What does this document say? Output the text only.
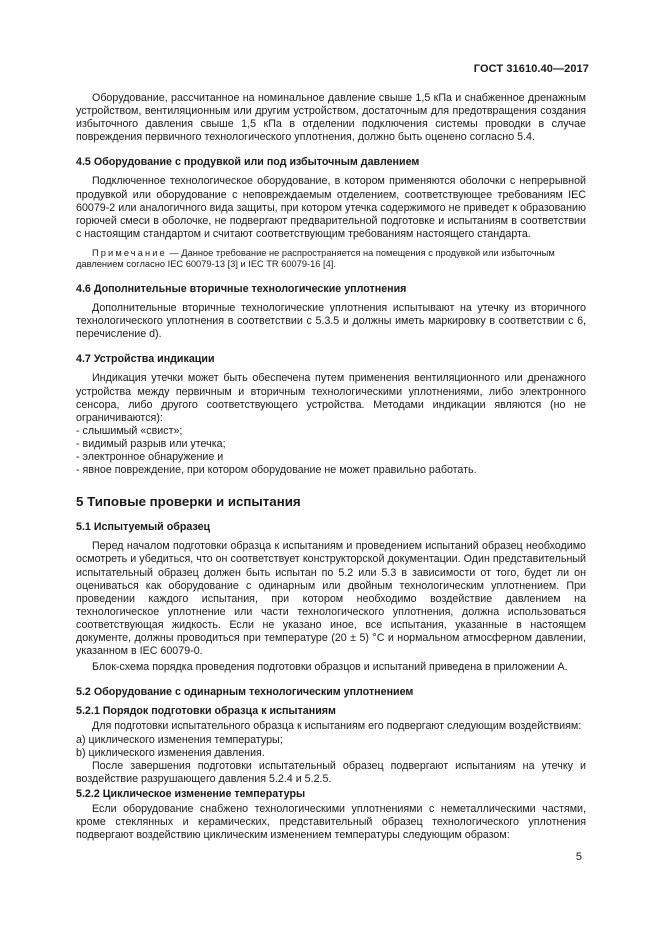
ГОСТ 31610.40—2017

Оборудование, рассчитанное на номинальное давление свыше 1,5 кПа и снабженное дренажным устройством, вентиляционным или другим устройством, достаточным для предотвращения создания избыточного давления свыше 1,5 кПа в отделении подключения системы проводки в случае повреждения первичного технологического уплотнения, должно быть оценено согласно 5.4.

4.5 Оборудование с продувкой или под избыточным давлением

Подключенное технологическое оборудование, в котором применяются оболочки с непрерывной продувкой или оборудование с неповреждаемым отделением, соответствующее требованиям IEC 60079-2 или аналогичного вида защиты, при котором утечка содержимого не приведет к образованию горючей смеси в оболочке, не подвергают предварительной подготовке и испытаниям в соответствии с настоящим стандартом и считают соответствующим требованиям настоящего стандарта.

Примечание — Данное требование не распространяется на помещения с продувкой или избыточным давлением согласно IEC 60079-13 [3] и IEC TR 60079-16 [4].
4.6 Дополнительные вторичные технологические уплотнения

Дополнительные вторичные технологические уплотнения испытывают на утечку из вторичного технологического уплотнения в соответствии с 5.3.5 и должны иметь маркировку в соответствии с 6, перечисление d).

4.7 Устройства индикации

Индикация утечки может быть обеспечена путем применения вентиляционного или дренажного устройства между первичным и вторичным технологическими уплотнениями, либо электронного сенсора, либо другого соответствующего устройства. Методами индикации являются (но не ограничиваются):

- слышимый «свист»;
- видимый разрыв или утечка;
- электронное обнаружение и
- явное повреждение, при котором оборудование не может правильно работать.
5 Типовые проверки и испытания
5.1 Испытуемый образец

Перед началом подготовки образца к испытаниям и проведением испытаний образец необходимо осмотреть и убедиться, что он соответствует конструкторской документации. Один представительный испытательный образец должен быть испытан по 5.2 или 5.3 в зависимости от того, будет ли он оцениваться как оборудование с одинарным или двойным технологическим уплотнением. При проведении каждого испытания, при котором необходимо воздействие давлением на технологическое уплотнение или части технологического уплотнения, должна использоваться соответствующая жидкость. Если не указано иное, все испытания, указанные в настоящем документе, должны проводиться при температуре (20 ± 5) °С и нормальном атмосферном давлении, указанном в IEC 60079-0.

Блок-схема порядка проведения подготовки образцов и испытаний приведена в приложении А.

5.2 Оборудование с одинарным технологическим уплотнением
5.2.1 Порядок подготовки образца к испытаниям

Для подготовки испытательного образца к испытаниям его подвергают следующим воздействиям:

a) циклического изменения температуры;
b) циклического изменения давления.

После завершения подготовки испытательный образец подвергают испытаниям на утечку и воздействие разрушающего давления 5.2.4 и 5.2.5.

5.2.2 Циклическое изменение температуры

Если оборудование снабжено технологическими уплотнениями с неметаллическими частями, кроме стеклянных и керамических, представительный образец технологического уплотнения подвергают воздействию циклическим изменением температуры следующим образом:

5
